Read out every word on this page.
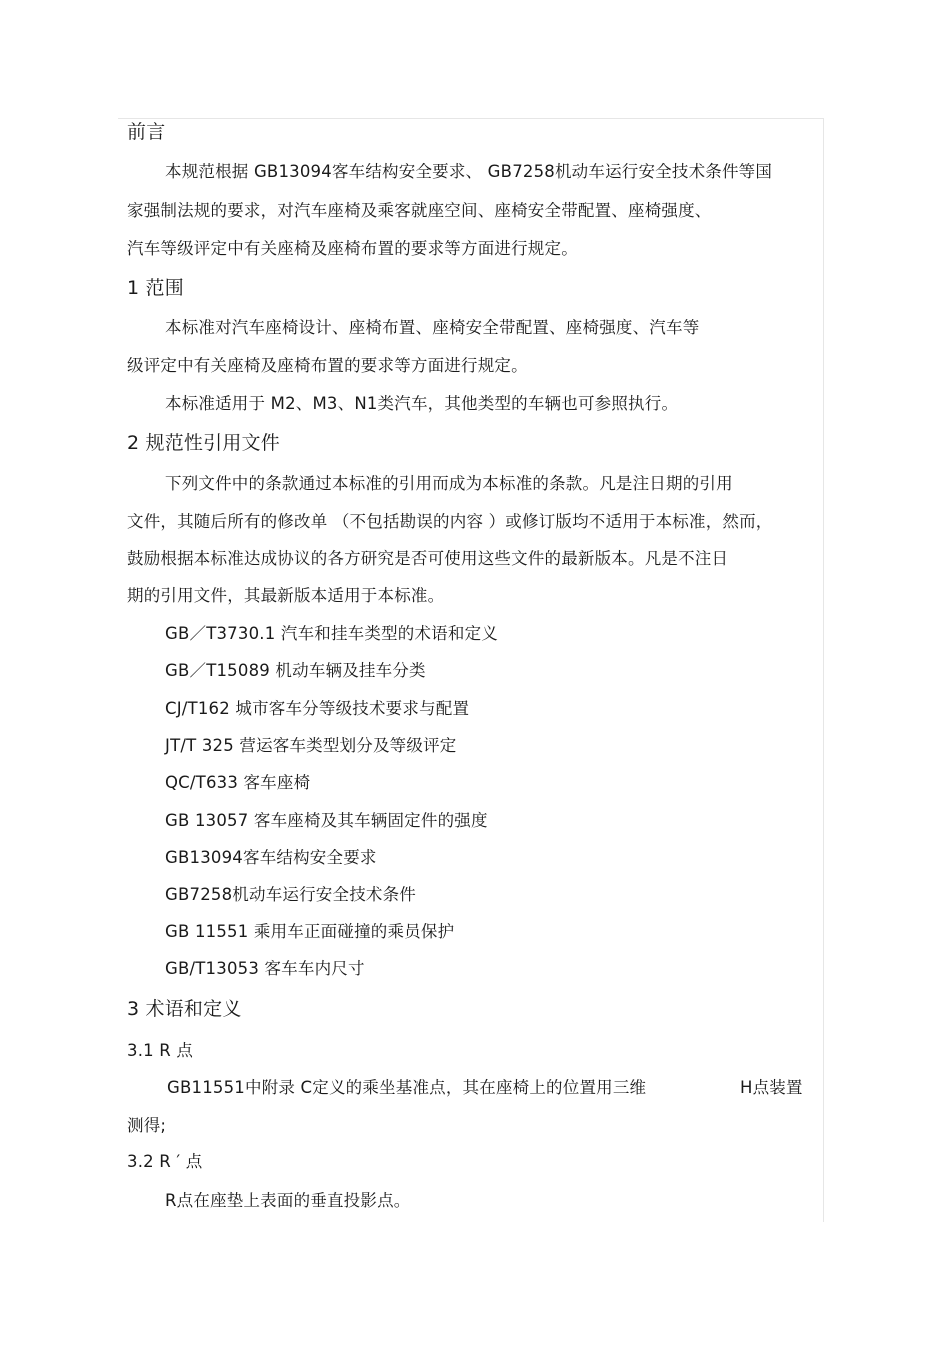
前言
本规范根据 GB13094客车结构安全要求、 GB7258机动车运行安全技术条件等国
家强制法规的要求，对汽车座椅及乘客就座空间、座椅安全带配置、座椅强度、
汽车等级评定中有关座椅及座椅布置的要求等方面进行规定。
1 范围
本标准对汽车座椅设计、座椅布置、座椅安全带配置、座椅强度、汽车等
级评定中有关座椅及座椅布置的要求等方面进行规定。
本标准适用于 M2、M3、N1类汽车，其他类型的车辆也可参照执行。
2 规范性引用文件
下列文件中的条款通过本标准的引用而成为本标准的条款。凡是注日期的引用
文件，其随后所有的修改单 （不包括勘误的内容 ）或修订版均不适用于本标准，然而，
鼓励根据本标准达成协议的各方研究是否可使用这些文件的最新版本。凡是不注日
期的引用文件，其最新版本适用于本标准。
GB／T3730.1 汽车和挂车类型的术语和定义
GB／T15089 机动车辆及挂车分类
CJ/T162 城市客车分等级技术要求与配置
JT/T 325 营运客车类型划分及等级评定
QC/T633 客车座椅
GB 13057 客车座椅及其车辆固定件的强度
GB13094客车结构安全要求
GB7258机动车运行安全技术条件
GB 11551 乘用车正面碰撞的乘员保护
GB/T13053 客车车内尺寸
3 术语和定义
3.1 R 点
GB11551中附录 C定义的乘坐基准点，其在座椅上的位置用三维	H点装置
测得;
3.2 R ′ 点
R点在座垫上表面的垂直投影点。
